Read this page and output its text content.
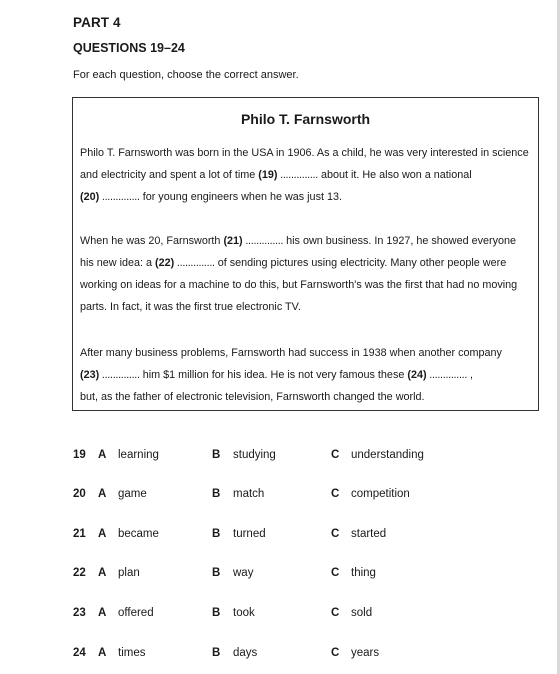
PART 4
QUESTIONS 19–24
For each question, choose the correct answer.
Philo T. Farnsworth
Philo T. Farnsworth was born in the USA in 1906. As a child, he was very interested in science
and electricity and spent a lot of time (19) .............. about it. He also won a national
(20) .............. for young engineers when he was just 13.
When he was 20, Farnsworth (21) .............. his own business. In 1927, he showed everyone
his new idea: a (22) .............. of sending pictures using electricity. Many other people were
working on ideas for a machine to do this, but Farnsworth's was the first that had no moving
parts. In fact, it was the first true electronic TV.
After many business problems, Farnsworth had success in 1938 when another company
(23) .............. him $1 million for his idea. He is not very famous these (24) .............. ,
but, as the father of electronic television, Farnsworth changed the world.
19 A learning	B studying	C understanding
20 A game	B match	C competition
21 A became	B turned	C started
22 A plan	B way	C thing
23 A offered	B took	C sold
24 A times	B days	C years
